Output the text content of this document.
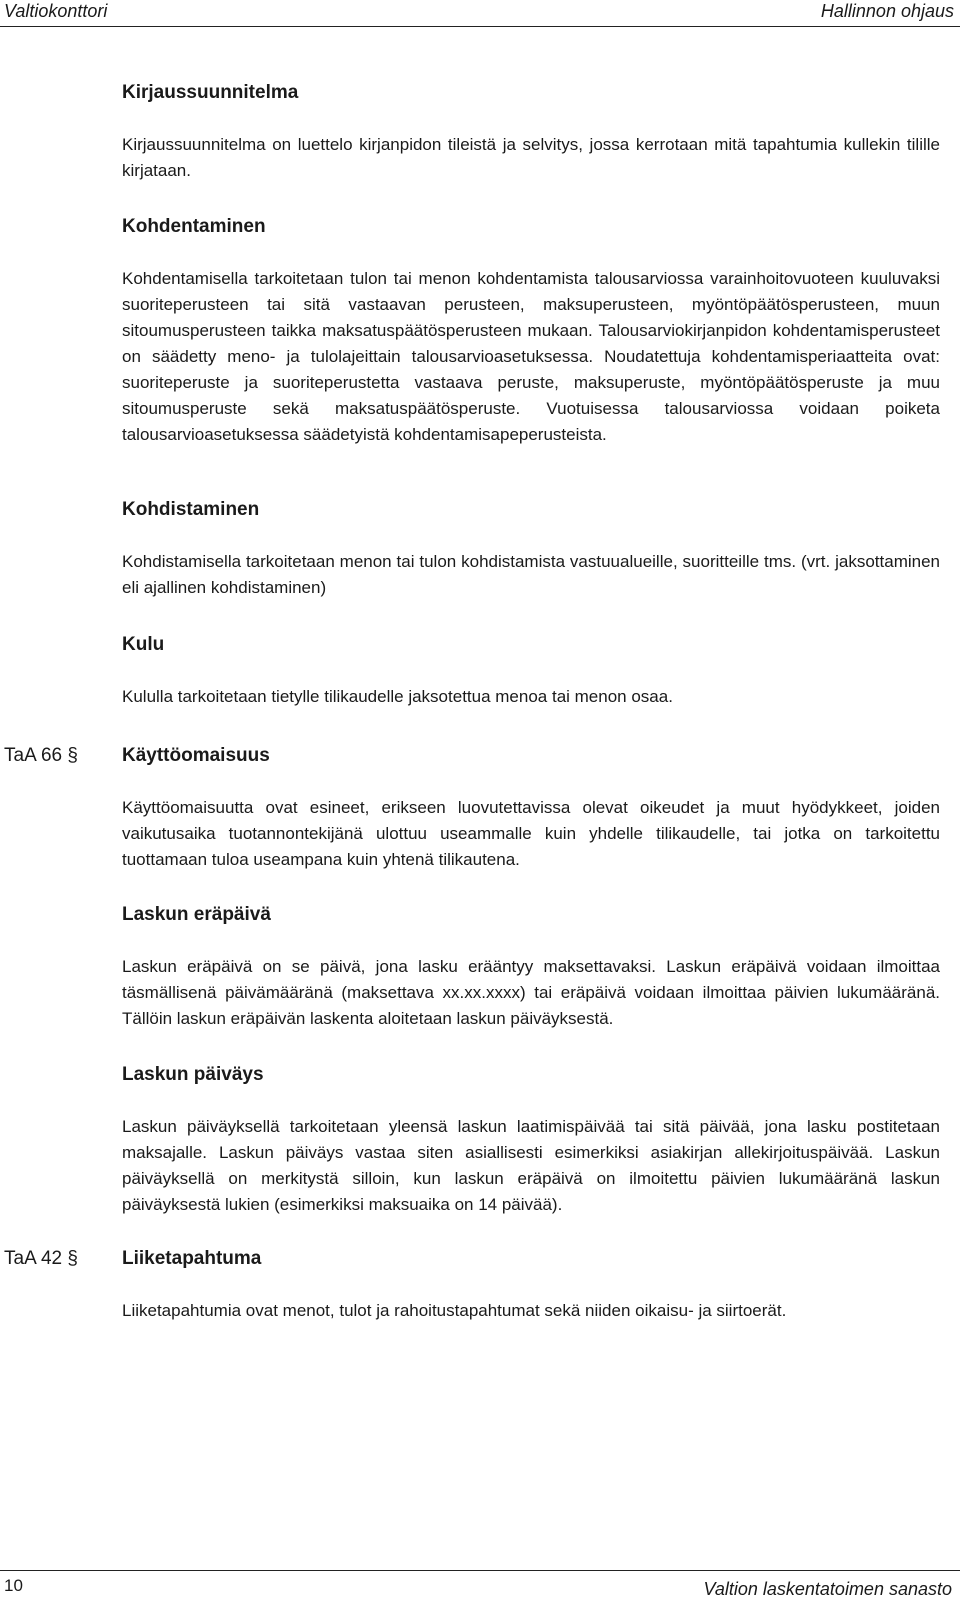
Valtiokonttori	Hallinnon ohjaus
Kirjaussuunnitelma

Kirjaussuunnitelma on luettelo kirjanpidon tileistä ja selvitys, jossa kerrotaan mitä tapahtumia kullekin tilille kirjataan.

Kohdentaminen

Kohdentamisella tarkoitetaan tulon tai menon kohdentamista talousarviossa varainhoitovuoteen kuuluvaksi suoriteperusteen tai sitä vastaavan perusteen, maksuperusteen, myöntöpäätösperusteen, muun sitoumusperusteen taikka maksatuspäätösperusteen mukaan. Talousarviokirjanpidon kohdentamisperusteet on säädetty meno- ja tulolajeittain talousarvioasetuksessa. Noudatettuja kohdentamisperiaatteita ovat: suoriteperuste ja suoriteperustetta vastaava peruste, maksuperuste, myöntöpäätösperuste ja muu sitoumusperuste sekä maksatuspäätösperuste. Vuotuisessa talousarviossa voidaan poiketa talousarvioasetuksessa säädetyistä kohdentamisapeperusteista.

Kohdistaminen

Kohdistamisella tarkoitetaan menon tai tulon kohdistamista vastuualueille, suoritteille tms. (vrt. jaksottaminen eli ajallinen kohdistaminen)

Kulu

Kululla tarkoitetaan tietylle tilikaudelle jaksotettua menoa tai menon osaa.

TaA 66 § Käyttöomaisuus

Käyttöomaisuutta ovat esineet, erikseen luovutettavissa olevat oikeudet ja muut hyödykkeet, joiden vaikutusaika tuotannontekijänä ulottuu useammalle kuin yhdelle tilikaudelle, tai jotka on tarkoitettu tuottamaan tuloa useampana kuin yhtenä tilikautena.

Laskun eräpäivä

Laskun eräpäivä on se päivä, jona lasku erääntyy maksettavaksi. Laskun eräpäivä voidaan ilmoittaa täsmällisenä päivämääränä (maksettava xx.xx.xxxx) tai eräpäivä voidaan ilmoittaa päivien lukumääränä. Tällöin laskun eräpäivän laskenta aloitetaan laskun päiväyksestä.

Laskun päiväys

Laskun päiväyksellä tarkoitetaan yleensä laskun laatimispäivää tai sitä päivää, jona lasku postitetaan maksajalle. Laskun päiväys vastaa siten asiallisesti esimerkiksi asiakirjan allekirjoituspäivää. Laskun päiväyksellä on merkitystä silloin, kun laskun eräpäivä on ilmoitettu päivien lukumääränä laskun päiväyksestä lukien (esimerkiksi maksuaika on 14 päivää).

TaA 42 § Liiketapahtuma

Liiketapahtumia ovat menot, tulot ja rahoitustapahtumat sekä niiden oikaisu- ja siirtoerät.

10	Valtion laskentatoimen sanasto
